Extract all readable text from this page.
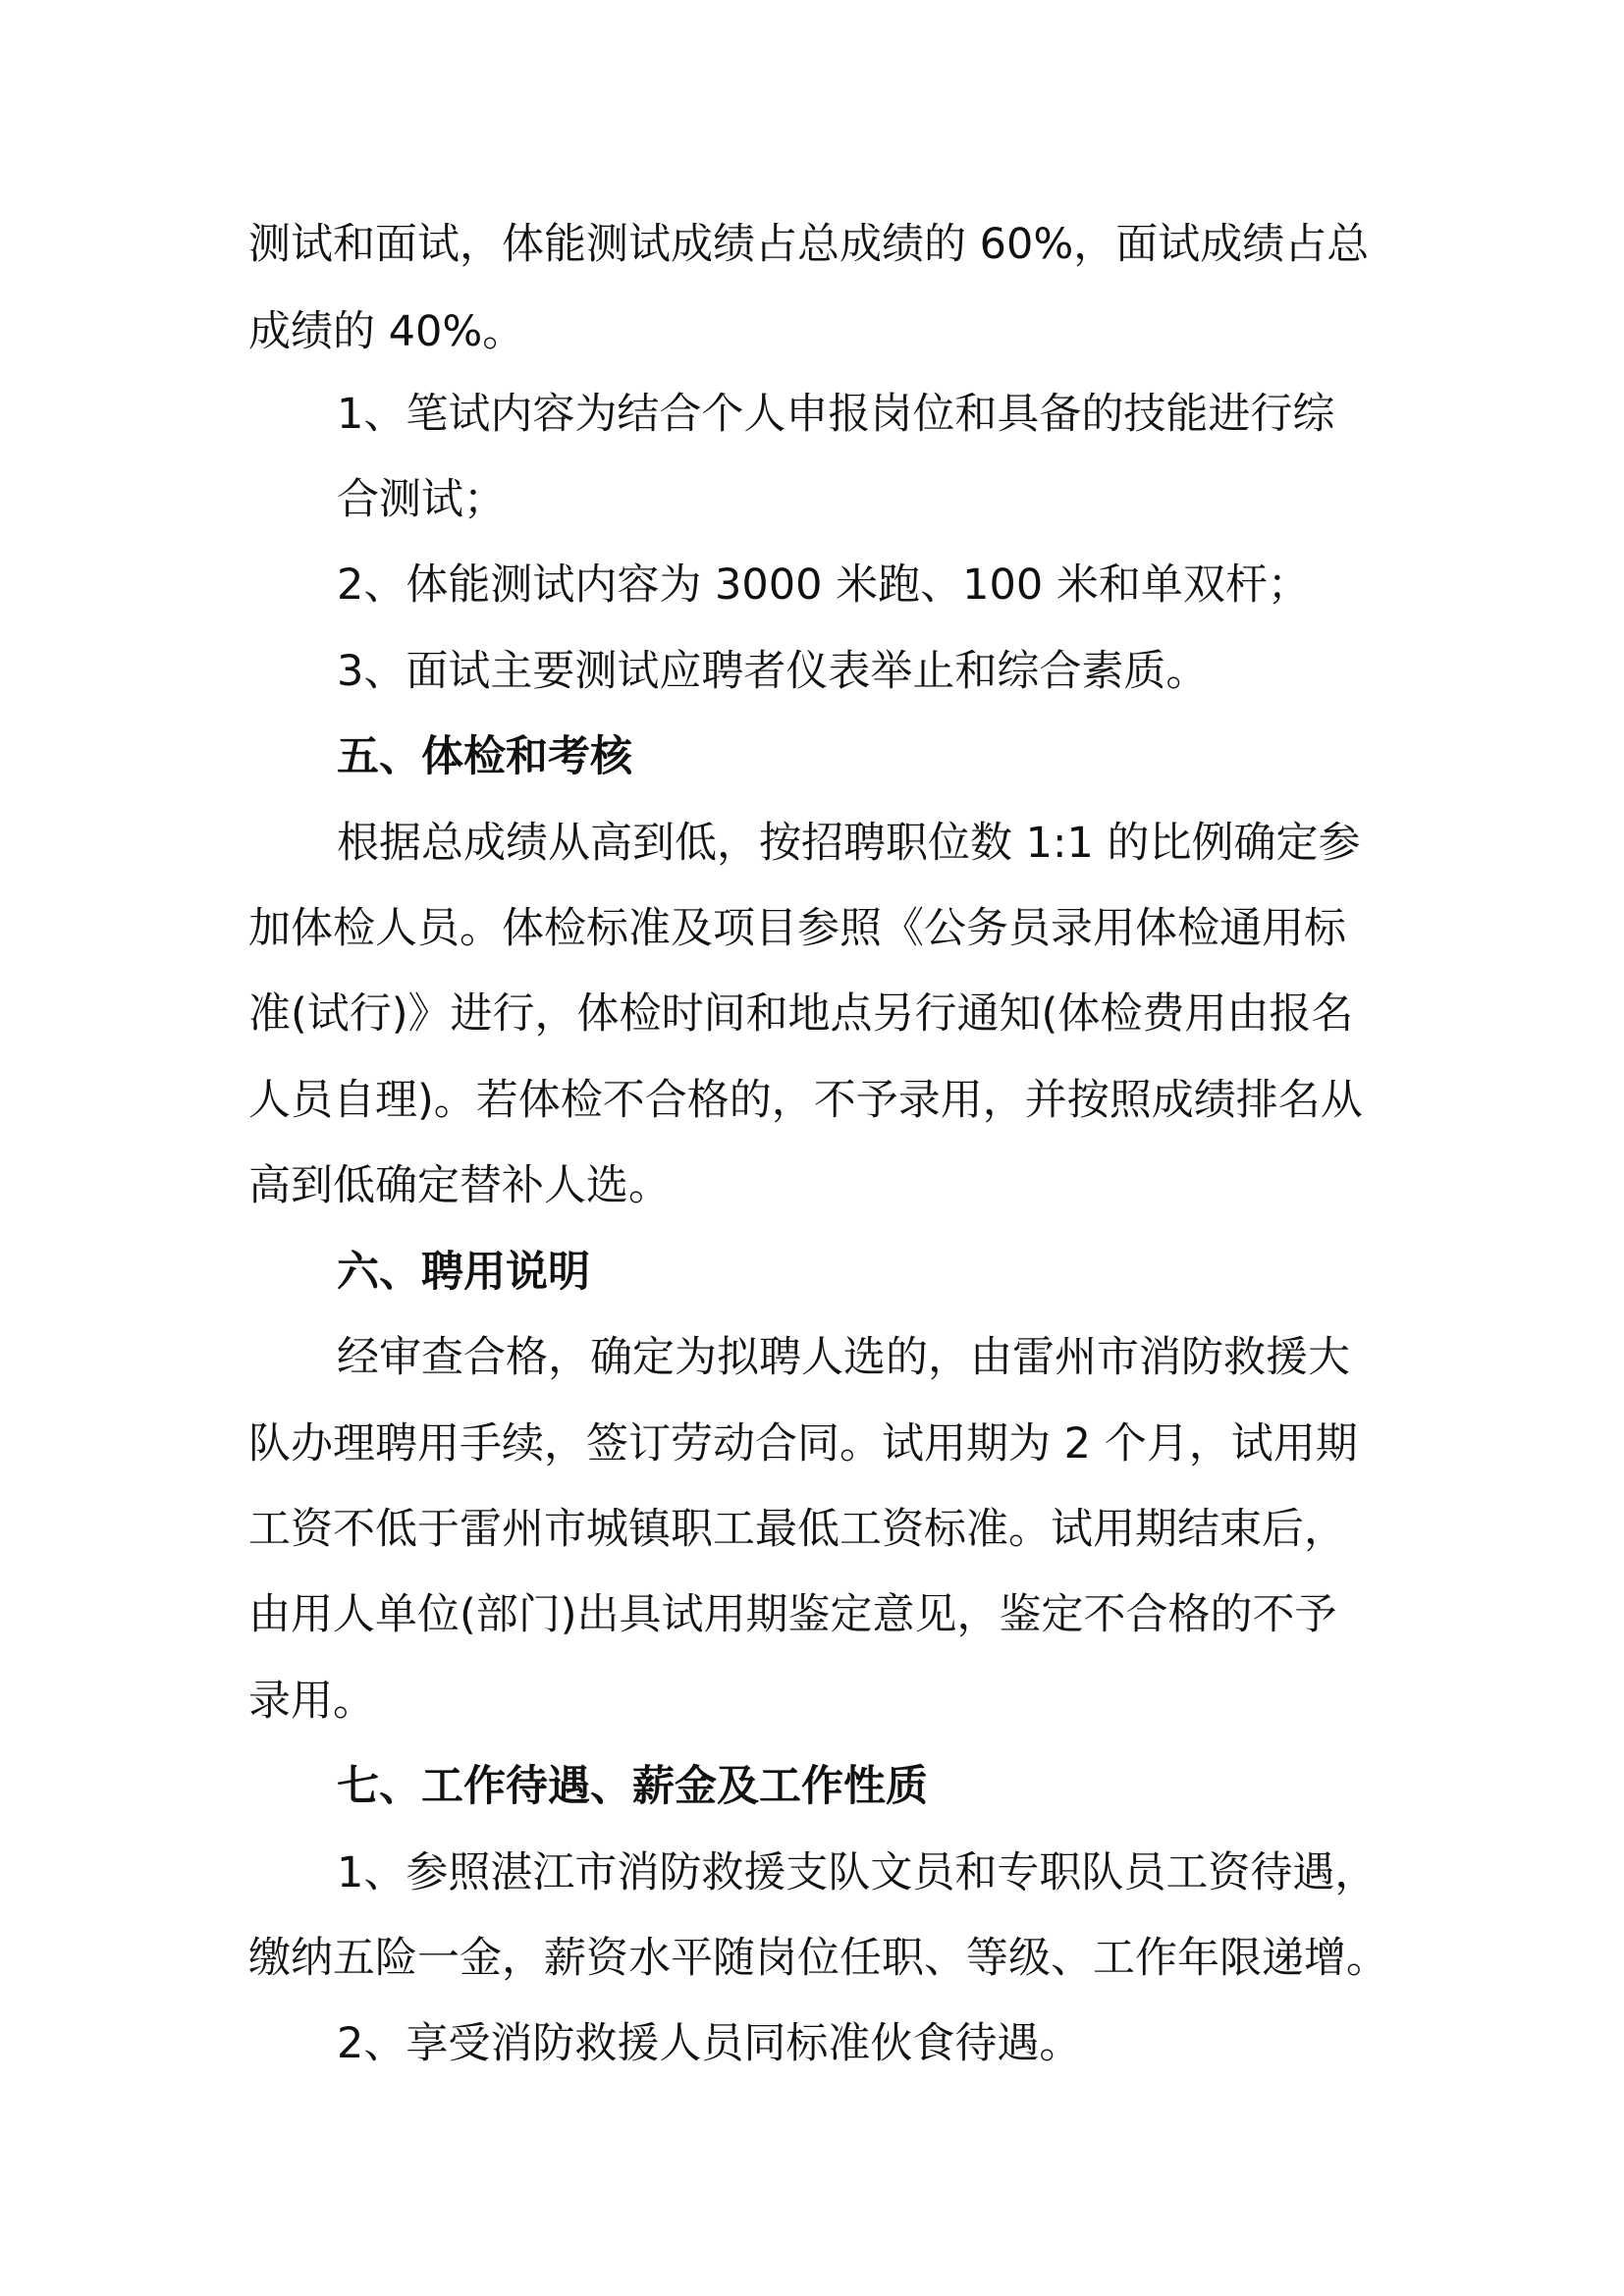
测试和面试，体能测试成绩占总成绩的 60%，面试成绩占总
成绩的 40%。
1、笔试内容为结合个人申报岗位和具备的技能进行综
合测试；
2、体能测试内容为 3000 米跑、100 米和单双杆；
3、面试主要测试应聘者仪表举止和综合素质。
五、体检和考核
根据总成绩从高到低，按招聘职位数 1:1 的比例确定参
加体检人员。体检标准及项目参照《公务员录用体检通用标
准(试行)》进行，体检时间和地点另行通知(体检费用由报名
人员自理)。若体检不合格的，不予录用，并按照成绩排名从
高到低确定替补人选。
六、聘用说明
经审查合格，确定为拟聘人选的，由雷州市消防救援大
队办理聘用手续，签订劳动合同。试用期为 2 个月，试用期
工资不低于雷州市城镇职工最低工资标准。试用期结束后，
由用人单位(部门)出具试用期鉴定意见，鉴定不合格的不予
录用。
七、工作待遇、薪金及工作性质
1、参照湛江市消防救援支队文员和专职队员工资待遇，
缴纳五险一金，薪资水平随岗位任职、等级、工作年限递增。
2、享受消防救援人员同标准伙食待遇。
